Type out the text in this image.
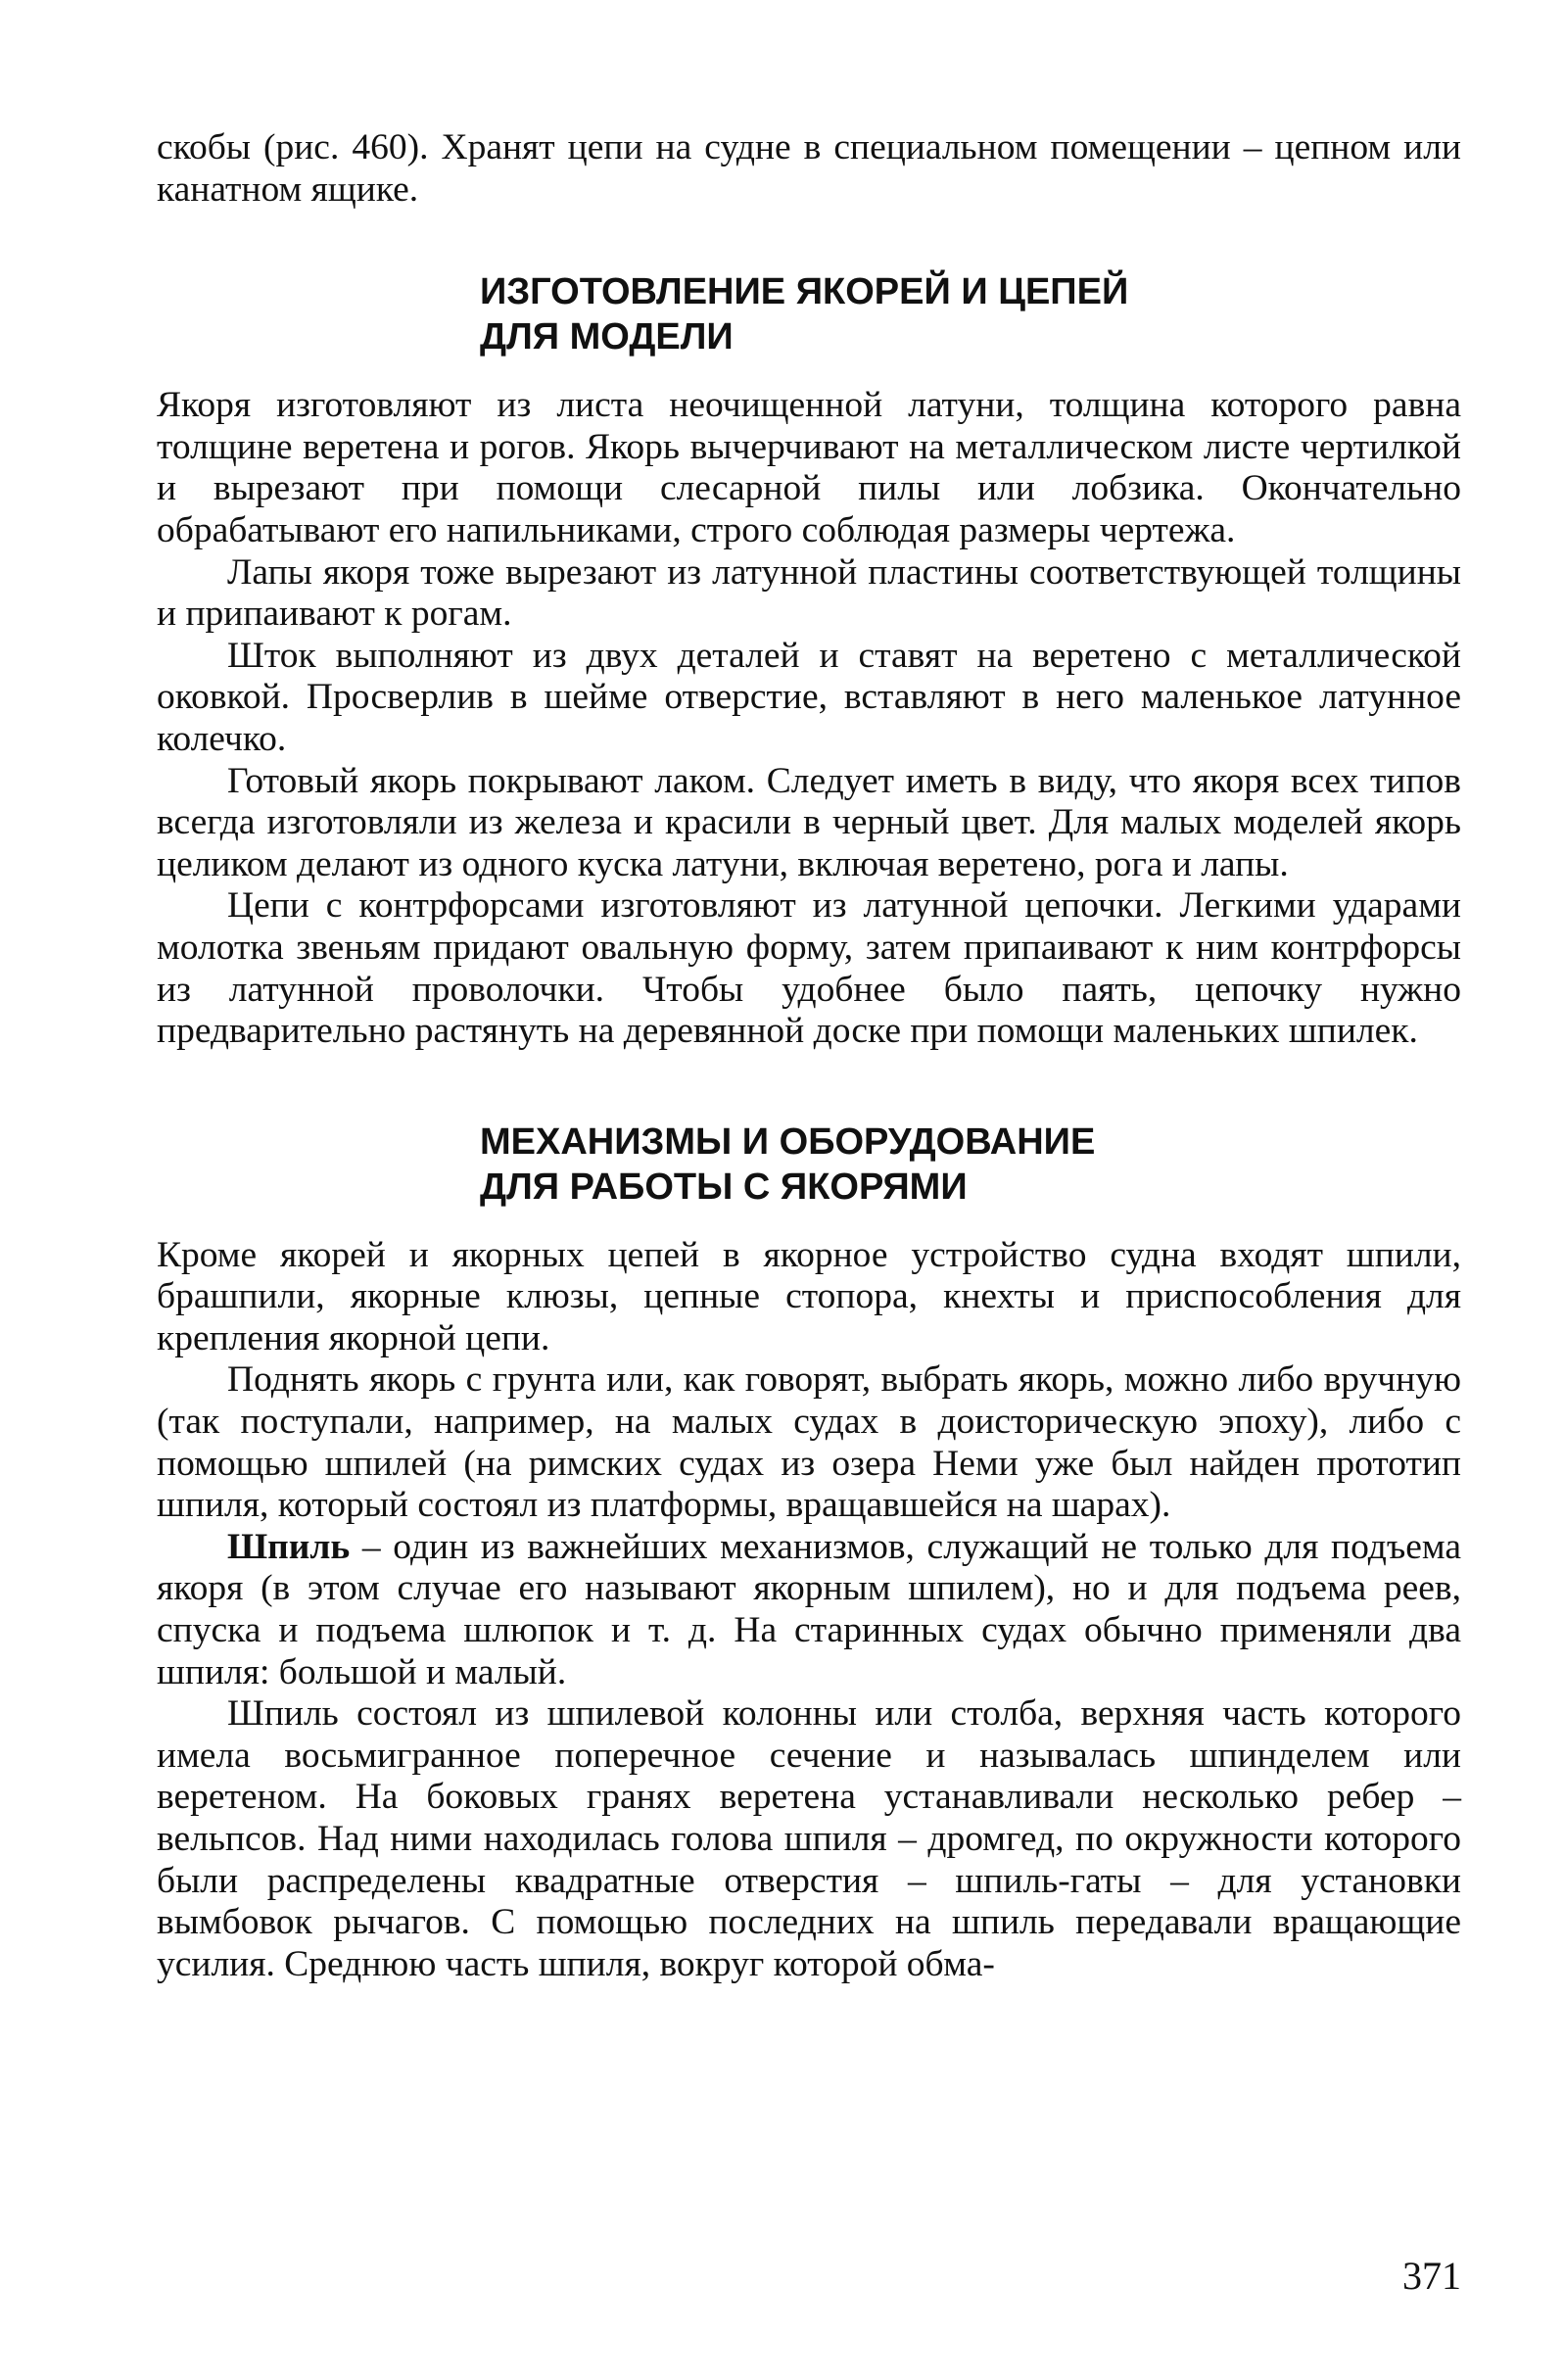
скобы (рис. 460). Хранят цепи на судне в специальном помещении – цепном или канатном ящике.

ИЗГОТОВЛЕНИЕ ЯКОРЕЙ И ЦЕПЕЙ
ДЛЯ МОДЕЛИ

Якоря изготовляют из листа неочищенной латуни, толщина которого равна толщине веретена и рогов. Якорь вычерчивают на металлическом листе чертилкой и вырезают при помощи слесарной пилы или лобзика. Окончательно обрабатывают его напильниками, строго соблюдая размеры чертежа.

Лапы якоря тоже вырезают из латунной пластины соответствующей толщины и припаивают к рогам.

Шток выполняют из двух деталей и ставят на веретено с металлической оковкой. Просверлив в шейме отверстие, вставляют в него маленькое латунное колечко.

Готовый якорь покрывают лаком. Следует иметь в виду, что якоря всех типов всегда изготовляли из железа и красили в черный цвет. Для малых моделей якорь целиком делают из одного куска латуни, включая веретено, рога и лапы.

Цепи с контрфорсами изготовляют из латунной цепочки. Легкими ударами молотка звеньям придают овальную форму, затем припаивают к ним контрфорсы из латунной проволочки. Чтобы удобнее было паять, цепочку нужно предварительно растянуть на деревянной доске при помощи маленьких шпилек.

МЕХАНИЗМЫ И ОБОРУДОВАНИЕ
ДЛЯ РАБОТЫ С ЯКОРЯМИ

Кроме якорей и якорных цепей в якорное устройство судна входят шпили, брашпили, якорные клюзы, цепные стопора, кнехты и приспособления для крепления якорной цепи.

Поднять якорь с грунта или, как говорят, выбрать якорь, можно либо вручную (так поступали, например, на малых судах в доисторическую эпоху), либо с помощью шпилей (на римских судах из озера Неми уже был найден прототип шпиля, который состоял из платформы, вращавшейся на шарах).

Шпиль – один из важнейших механизмов, служащий не только для подъема якоря (в этом случае его называют якорным шпилем), но и для подъема реев, спуска и подъема шлюпок и т. д. На старинных судах обычно применяли два шпиля: большой и малый.

Шпиль состоял из шпилевой колонны или столба, верхняя часть которого имела восьмигранное поперечное сечение и называлась шпинделем или веретеном. На боковых гранях веретена устанавливали несколько ребер – вельпсов. Над ними находилась голова шпиля – дромгед, по окружности которого были распределены квадратные отверстия – шпиль-гаты – для установки вымбовок рычагов. С помощью последних на шпиль передавали вращающие усилия. Среднюю часть шпиля, вокруг которой обма-

371
